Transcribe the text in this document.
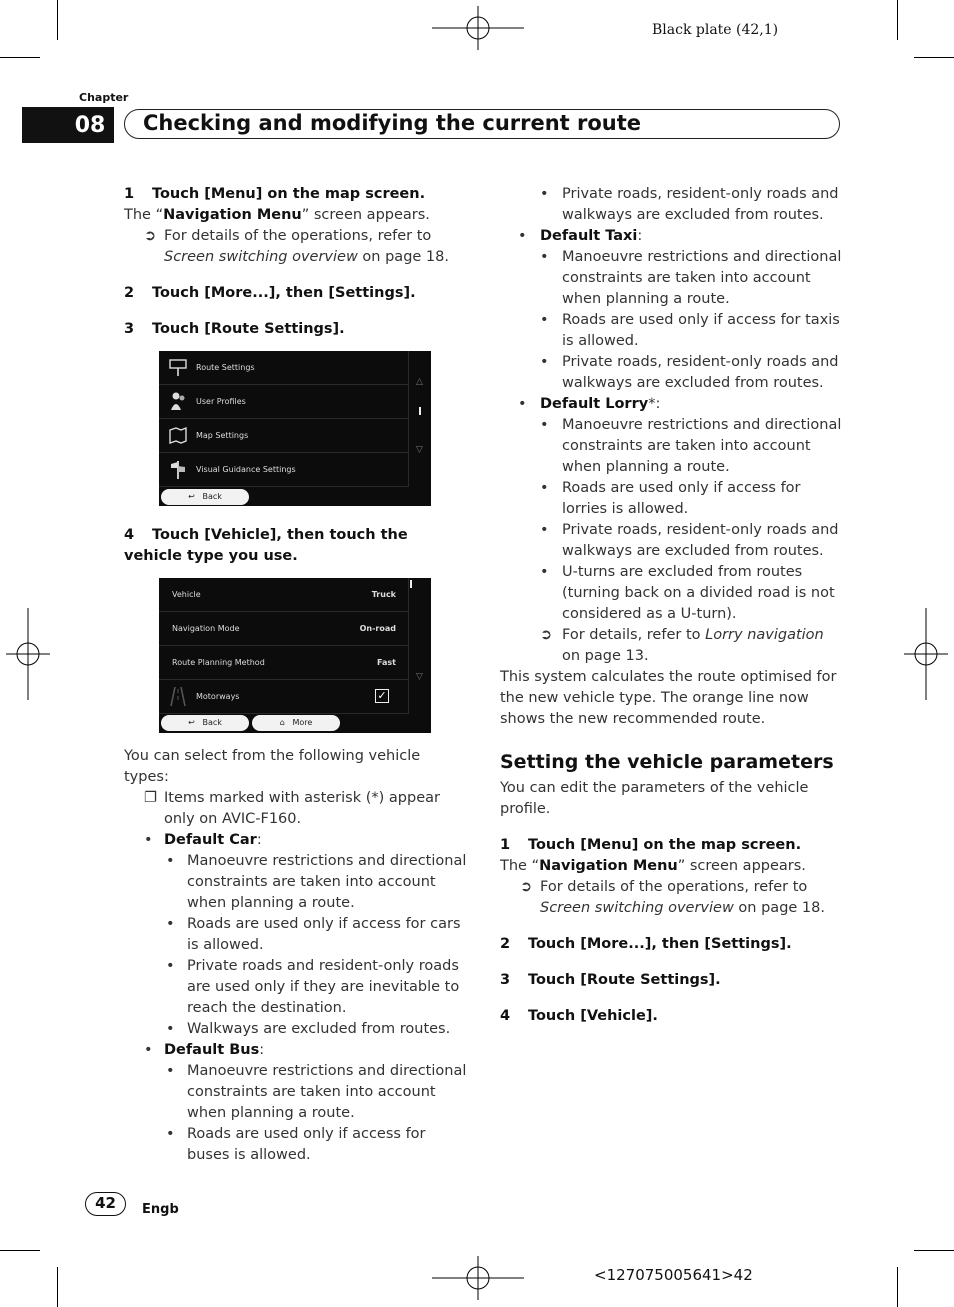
Black plate (42,1)
Chapter
08	Checking and modifying the current route

1 Touch [Menu] on the map screen.

The “Navigation Menu” screen appears.

➲ For details of the operations, refer to Screen switching overview on page 18.

2 Touch [More...], then [Settings].

3 Touch [Route Settings].

Route Settings
User Profiles
Map Settings
Visual Guidance Settings
△
▽
↩ Back

4 Touch [Vehicle], then touch the vehicle type you use.

Vehicle	Truck
Navigation Mode	On-road
Route Planning Method	Fast
Motorways	✓
▽
↩ Back	⌂ More

You can select from the following vehicle types:

❐ Items marked with asterisk (*) appear only on AVIC-F160.

• Default Car:

• Manoeuvre restrictions and directional constraints are taken into account when planning a route.

• Roads are used only if access for cars is allowed.

• Private roads and resident-only roads are used only if they are inevitable to reach the destination.

• Walkways are excluded from routes.

• Default Bus:

• Manoeuvre restrictions and directional constraints are taken into account when planning a route.

• Roads are used only if access for buses is allowed.

• Private roads, resident-only roads and walkways are excluded from routes.

• Default Taxi:

• Manoeuvre restrictions and directional constraints are taken into account when planning a route.

• Roads are used only if access for taxis is allowed.

• Private roads, resident-only roads and walkways are excluded from routes.

• Default Lorry*:

• Manoeuvre restrictions and directional constraints are taken into account when planning a route.

• Roads are used only if access for lorries is allowed.

• Private roads, resident-only roads and walkways are excluded from routes.

• U-turns are excluded from routes (turning back on a divided road is not considered as a U-turn).

➲ For details, refer to Lorry navigation on page 13.

This system calculates the route optimised for the new vehicle type. The orange line now shows the new recommended route.

Setting the vehicle parameters

You can edit the parameters of the vehicle profile.

1 Touch [Menu] on the map screen.

The “Navigation Menu” screen appears.

➲ For details of the operations, refer to Screen switching overview on page 18.

2 Touch [More...], then [Settings].

3 Touch [Route Settings].

4 Touch [Vehicle].

42	Engb
<127075005641>42
